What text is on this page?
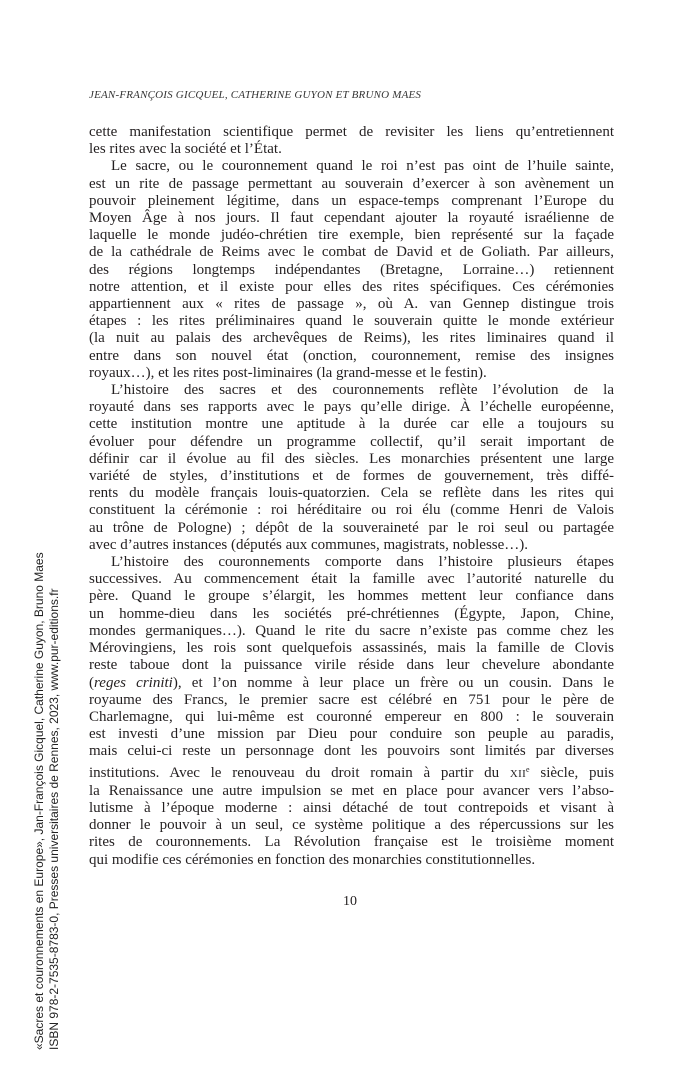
JEAN-FRANÇOIS GICQUEL, CATHERINE GUYON ET BRUNO MAES
cette manifestation scientifique permet de revisiter les liens qu’entretiennent
les rites avec la société et l’État.
Le sacre, ou le couronnement quand le roi n’est pas oint de l’huile sainte,
est un rite de passage permettant au souverain d’exercer à son avènement un
pouvoir pleinement légitime, dans un espace-temps comprenant l’Europe du
Moyen Âge à nos jours. Il faut cependant ajouter la royauté israélienne de
laquelle le monde judéo-chrétien tire exemple, bien représenté sur la façade
de la cathédrale de Reims avec le combat de David et de Goliath. Par ailleurs,
des régions longtemps indépendantes (Bretagne, Lorraine…) retiennent
notre attention, et il existe pour elles des rites spécifiques. Ces cérémonies
appartiennent aux « rites de passage », où A. van Gennep distingue trois
étapes : les rites préliminaires quand le souverain quitte le monde extérieur
(la nuit au palais des archevêques de Reims), les rites liminaires quand il
entre dans son nouvel état (onction, couronnement, remise des insignes
royaux…), et les rites post-liminaires (la grand-messe et le festin).
L’histoire des sacres et des couronnements reflète l’évolution de la
royauté dans ses rapports avec le pays qu’elle dirige. À l’échelle européenne,
cette institution montre une aptitude à la durée car elle a toujours su
évoluer pour défendre un programme collectif, qu’il serait important de
définir car il évolue au fil des siècles. Les monarchies présentent une large
variété de styles, d’institutions et de formes de gouvernement, très diffé-
rents du modèle français louis-quatorzien. Cela se reflète dans les rites qui
constituent la cérémonie : roi héréditaire ou roi élu (comme Henri de Valois
au trône de Pologne) ; dépôt de la souveraineté par le roi seul ou partagée
avec d’autres instances (députés aux communes, magistrats, noblesse…).
L’histoire des couronnements comporte dans l’histoire plusieurs étapes
successives. Au commencement était la famille avec l’autorité naturelle du
père. Quand le groupe s’élargit, les hommes mettent leur confiance dans
un homme-dieu dans les sociétés pré-chrétiennes (Égypte, Japon, Chine,
mondes germaniques…). Quand le rite du sacre n’existe pas comme chez les
Mérovingiens, les rois sont quelquefois assassinés, mais la famille de Clovis
reste taboue dont la puissance virile réside dans leur chevelure abondante
(reges criniti), et l’on nomme à leur place un frère ou un cousin. Dans le
royaume des Francs, le premier sacre est célébré en 751 pour le père de
Charlemagne, qui lui-même est couronné empereur en 800 : le souverain
est investi d’une mission par Dieu pour conduire son peuple au paradis,
mais celui-ci reste un personnage dont les pouvoirs sont limités par diverses
institutions. Avec le renouveau du droit romain à partir du XIIe siècle, puis
la Renaissance une autre impulsion se met en place pour avancer vers l’abso-
lutisme à l’époque moderne : ainsi détaché de tout contrepoids et visant à
donner le pouvoir à un seul, ce système politique a des répercussions sur les
rites de couronnements. La Révolution française est le troisième moment
qui modifie ces cérémonies en fonction des monarchies constitutionnelles.
10
«Sacres et couronnements en Europe», Jan-François Gicquel, Catherine Guyon, Bruno Maes ISBN 978-2-7535-8783-0, Presses universitaires de Rennes, 2023, www.pur-editions.fr
